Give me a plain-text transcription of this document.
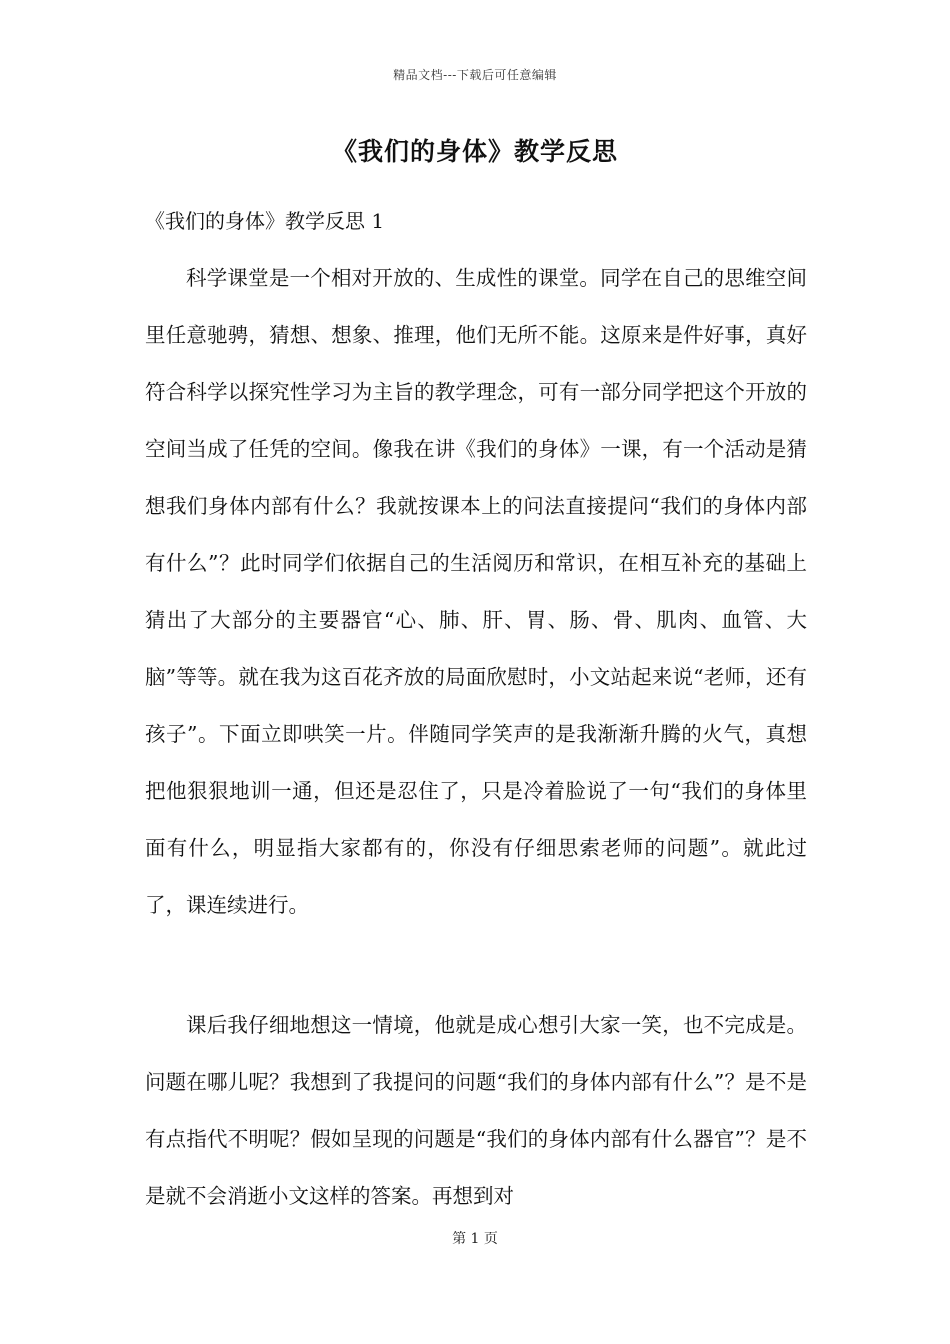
精品文档---下载后可任意编辑
《我们的身体》教学反思
《我们的身体》教学反思 1

科学课堂是一个相对开放的、生成性的课堂。同学在自己的思维空间里任意驰骋，猜想、想象、推理，他们无所不能。这原来是件好事，真好符合科学以探究性学习为主旨的教学理念，可有一部分同学把这个开放的空间当成了任凭的空间。像我在讲《我们的身体》一课，有一个活动是猜想我们身体内部有什么？我就按课本上的问法直接提问“我们的身体内部有什么”？此时同学们依据自己的生活阅历和常识，在相互补充的基础上猜出了大部分的主要器官“心、肺、肝、胃、肠、骨、肌肉、血管、大脑”等等。就在我为这百花齐放的局面欣慰时，小文站起来说“老师，还有孩子”。下面立即哄笑一片。伴随同学笑声的是我渐渐升腾的火气，真想把他狠狠地训一通，但还是忍住了，只是冷着脸说了一句“我们的身体里面有什么，明显指大家都有的，你没有仔细思索老师的问题”。就此过了，课连续进行。

课后我仔细地想这一情境，他就是成心想引大家一笑，也不完成是。问题在哪儿呢？我想到了我提问的问题“我们的身体内部有什么”？是不是有点指代不明呢？假如呈现的问题是“我们的身体内部有什么器官”？是不是就不会消逝小文这样的答案。再想到对

第 1 页
